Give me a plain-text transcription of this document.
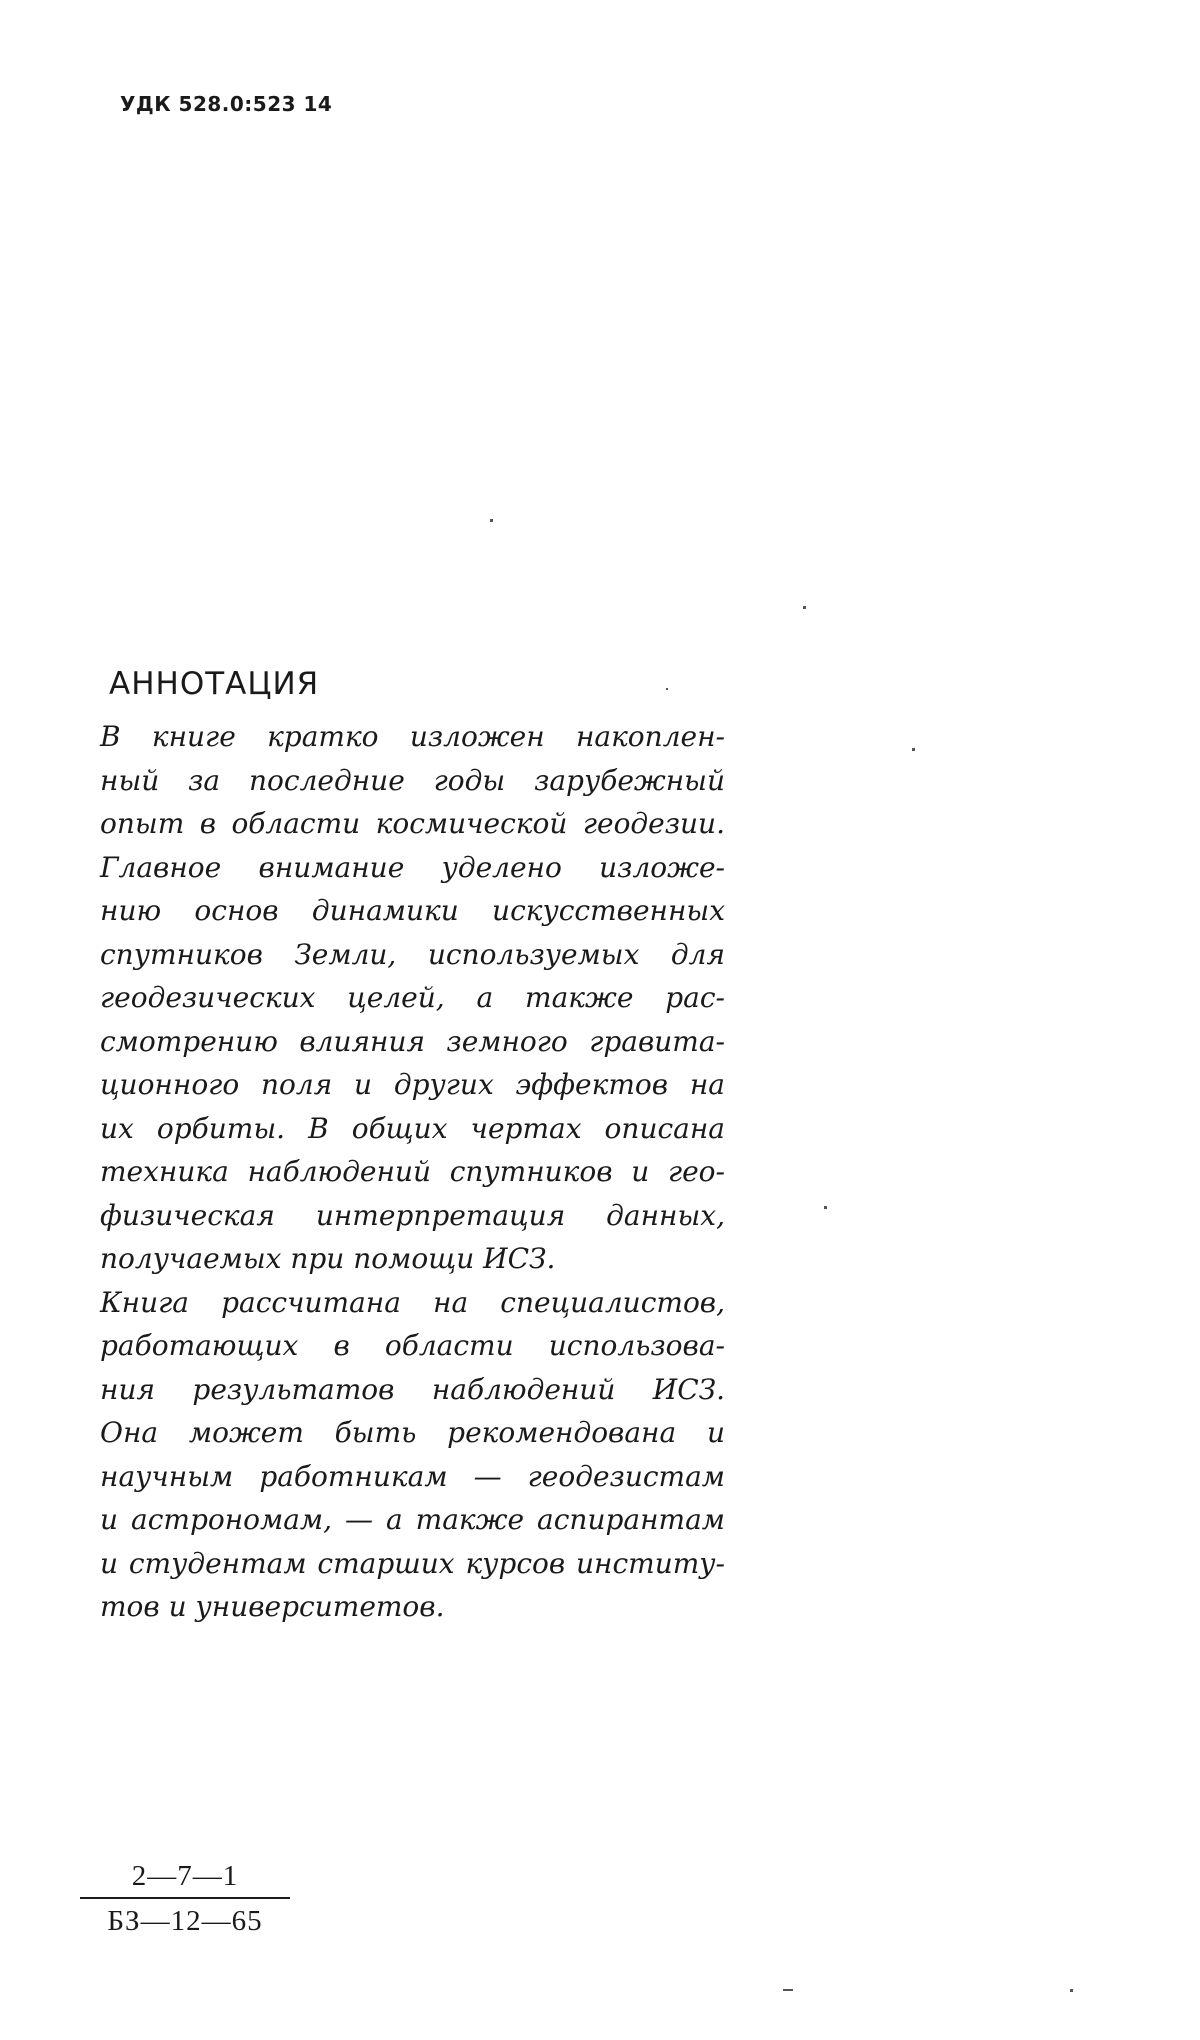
УДК 528.0:523 14
АННОТАЦИЯ
В книге кратко изложен накоплен-
ный за последние годы зарубежный
опыт в области космической геодезии.
Главное внимание уделено изложе-
нию основ динамики искусственных
спутников Земли, используемых для
геодезических целей, а также рас-
смотрению влияния земного гравита-
ционного поля и других эффектов на
их орбиты. В общих чертах описана
техника наблюдений спутников и гео-
физическая интерпретация данных,
получаемых при помощи ИСЗ.
Книга рассчитана на специалистов,
работающих в области использова-
ния результатов наблюдений ИСЗ.
Она может быть рекомендована и
научным работникам — геодезистам
и астрономам, — а также аспирантам
и студентам старших курсов институ-
тов и университетов.
2—7—1
БЗ—12—65
